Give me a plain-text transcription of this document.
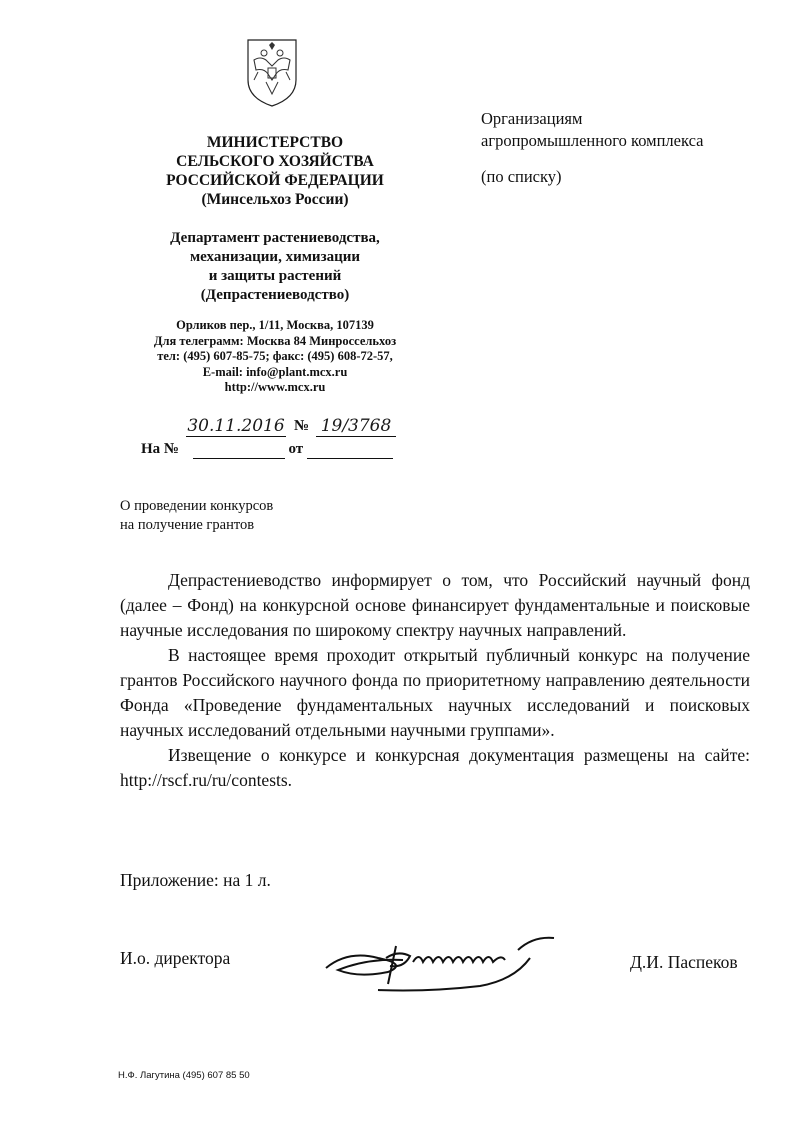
МИНИСТЕРСТВО
СЕЛЬСКОГО ХОЗЯЙСТВА
РОССИЙСКОЙ ФЕДЕРАЦИИ
(Минсельхоз России)
Департамент растениеводства,
механизации, химизации
и защиты растений
(Депрастениеводство)
Орликов пер., 1/11, Москва, 107139
Для телеграмм: Москва 84 Минроссельхоз
тел: (495) 607-85-75; факс: (495) 608-72-57,
E-mail: info@plant.mcx.ru
http://www.mcx.ru
30.11.2016 № 19/3768
На №	от
Организациям
агропромышленного комплекса
(по списку)
О проведении конкурсов
на получение грантов

Депрастениеводство информирует о том, что Российский научный фонд (далее – Фонд) на конкурсной основе финансирует фундаментальные и поисковые научные исследования по широкому спектру научных направлений.

В настоящее время проходит открытый публичный конкурс на получение грантов Российского научного фонда по приоритетному направлению деятельности Фонда «Проведение фундаментальных научных исследований и поисковых научных исследований отдельными научными группами».

Извещение о конкурсе и конкурсная документация размещены на сайте: http://rscf.ru/ru/contests.

Приложение: на 1 л.
И.о. директора	Д.И. Паспеков
Н.Ф. Лагутина (495) 607 85 50
